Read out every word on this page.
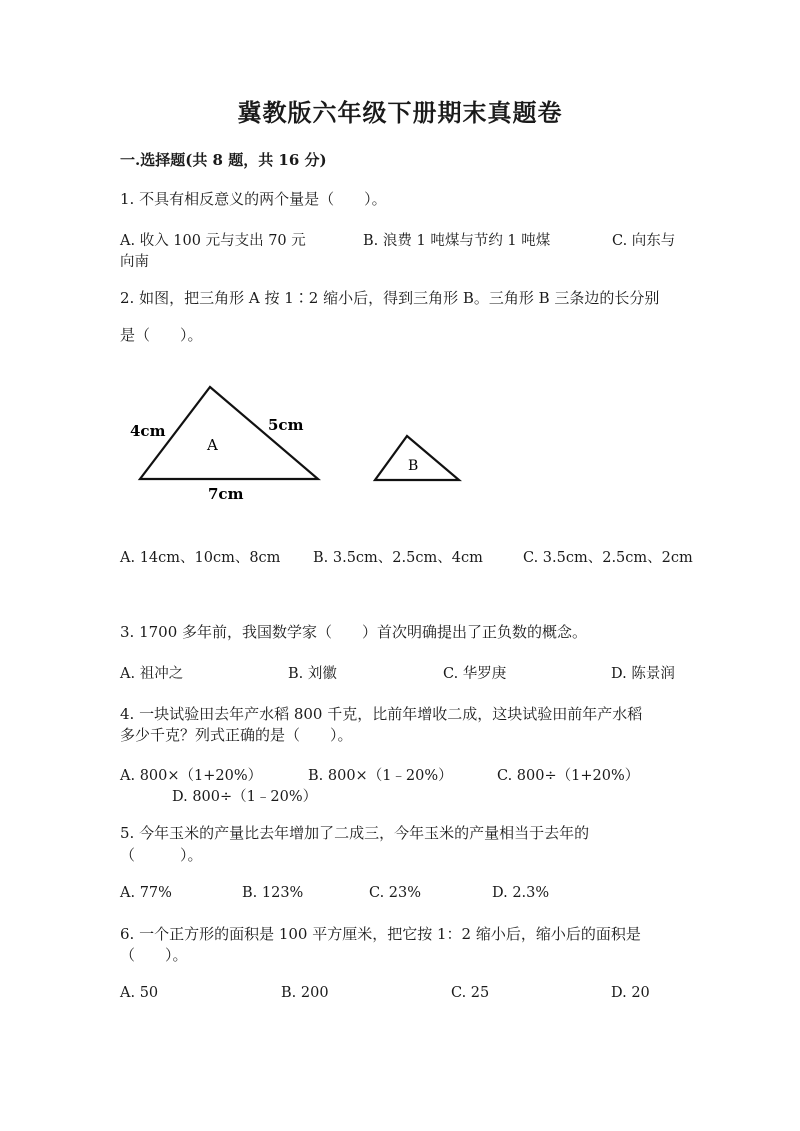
冀教版六年级下册期末真题卷
一.选择题(共 8 题，共 16 分)
1. 不具有相反意义的两个量是（　　）。
A. 收入 100 元与支出 70 元	B. 浪费 1 吨煤与节约 1 吨煤	C. 向东与
向南
2. 如图，把三角形 A 按 1∶2 缩小后，得到三角形 B。三角形 B 三条边的长分别
是（　　）。
4cm	5cm
7cm
A
B
A. 14cm、10cm、8cm B. 3.5cm、2.5cm、4cm	C. 3.5cm、2.5cm、2cm
3. 1700 多年前，我国数学家（　　）首次明确提出了正负数的概念。
A. 祖冲之	B. 刘徽	C. 华罗庚	D. 陈景润
4. 一块试验田去年产水稻 800 千克，比前年增收二成，这块试验田前年产水稻
多少千克？列式正确的是（　　）。
A. 800×（1+20%）	B. 800×（1﹣20%）	C. 800÷（1+20%）
D. 800÷（1﹣20%）
5. 今年玉米的产量比去年增加了二成三，今年玉米的产量相当于去年的
（　　　）。
A. 77%	B. 123%	C. 23%	D. 2.3%
6. 一个正方形的面积是 100 平方厘米，把它按 1：2 缩小后，缩小后的面积是
（　　）。
A. 50	B. 200	C. 25	D. 20
